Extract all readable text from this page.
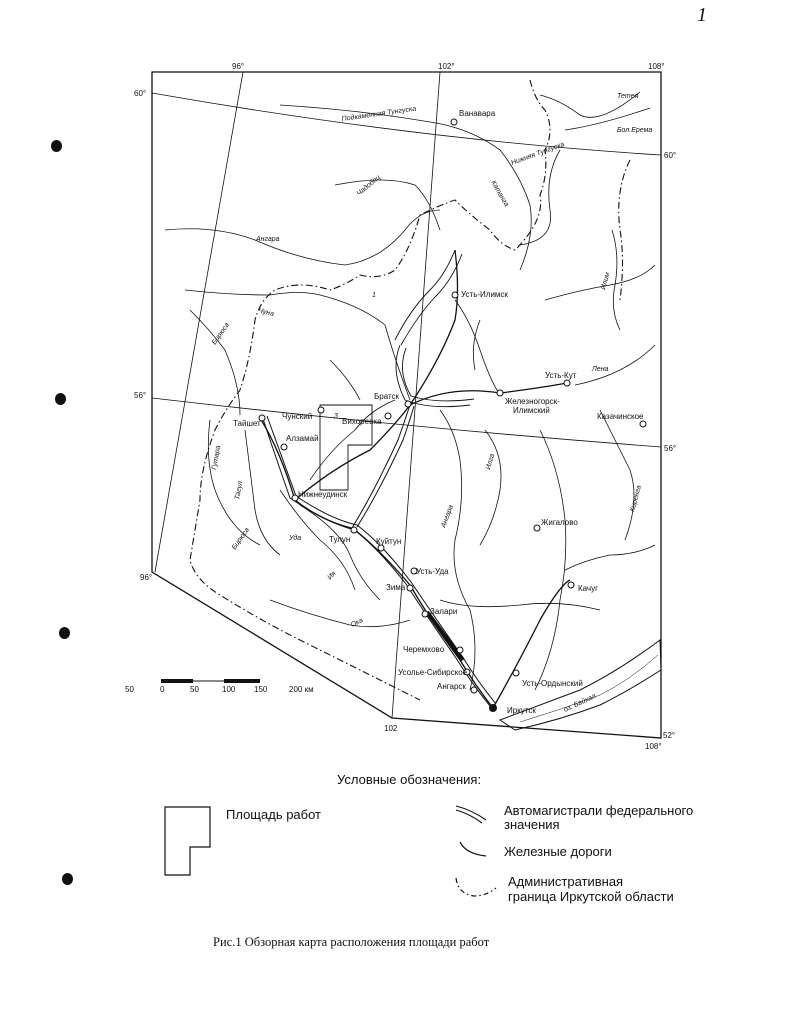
1
96°	102°	108°
60°
60°
56°
56°
96°
102
108°
52°
3
1
Ванавара
Усть-Илимск
Братск
Усть-Кут
Железногорск-
Илимский
Казачинское
Тайшет
Чунский
Вихоревка
Алзамай
Нижнеудинск
Тулун	Куйтун
Жигалово
Усть-Уда
Зима	Качуг
Залари
Черемхово
Усолье-Сибирское
Ангарск	Усть-Ордынский
Иркутск
Подкаменная Тунгуска
Тетея
Бол.Ерема
Нижняя Тунгуска
Катанга
Чадобец
Ангара
Чуна
Бирюса
Лена
Илим
Киренга
Ангара
Илга
Тагул
Гутара
Уда
Бирюса
Ия
Ока
оз. Байкал
50	0	50	100 150	200 км
Условные обозначения:
Площадь работ	Автомагистрали федерального
значения
Железные дороги
Административная
граница Иркутской области
Рис.1 Обзорная карта расположения площади работ
